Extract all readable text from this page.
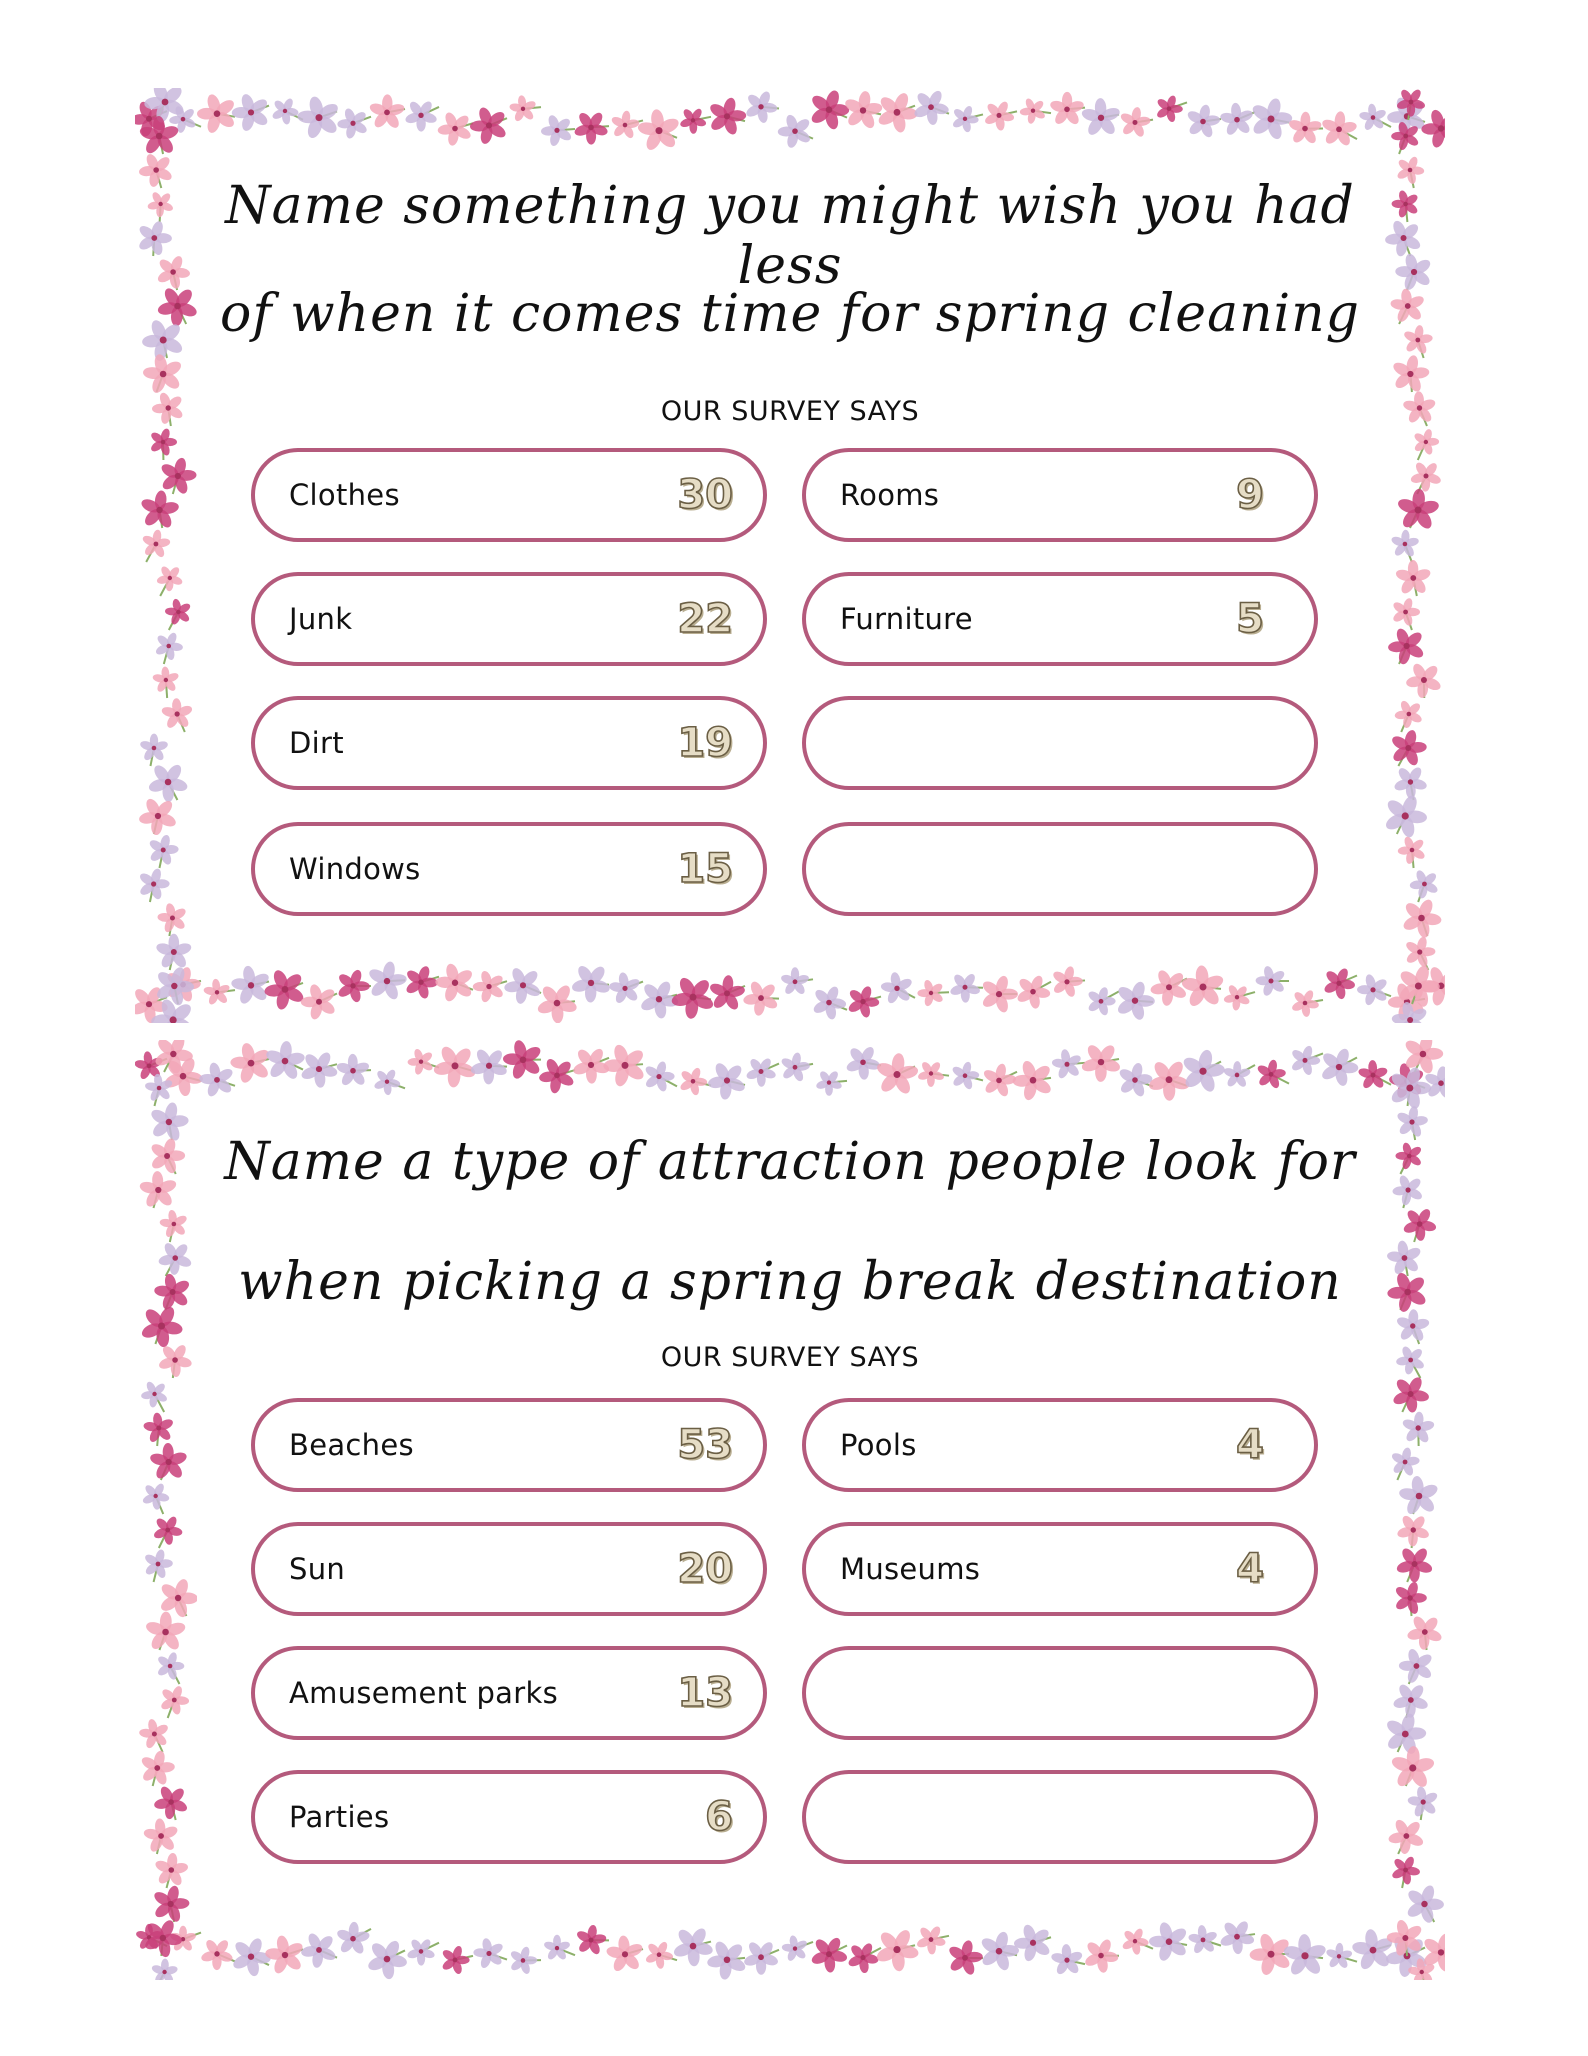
Name something you might wish you had less
of when it comes time for spring cleaning
OUR SURVEY SAYS
Clothes	30	Rooms	9
Junk	22	Furniture	5
Dirt	19
Windows	15
Name a type of attraction people look for
when picking a spring break destination
OUR SURVEY SAYS
Beaches	53	Pools	4
Sun	20	Museums	4
Amusement parks	13
Parties	6
